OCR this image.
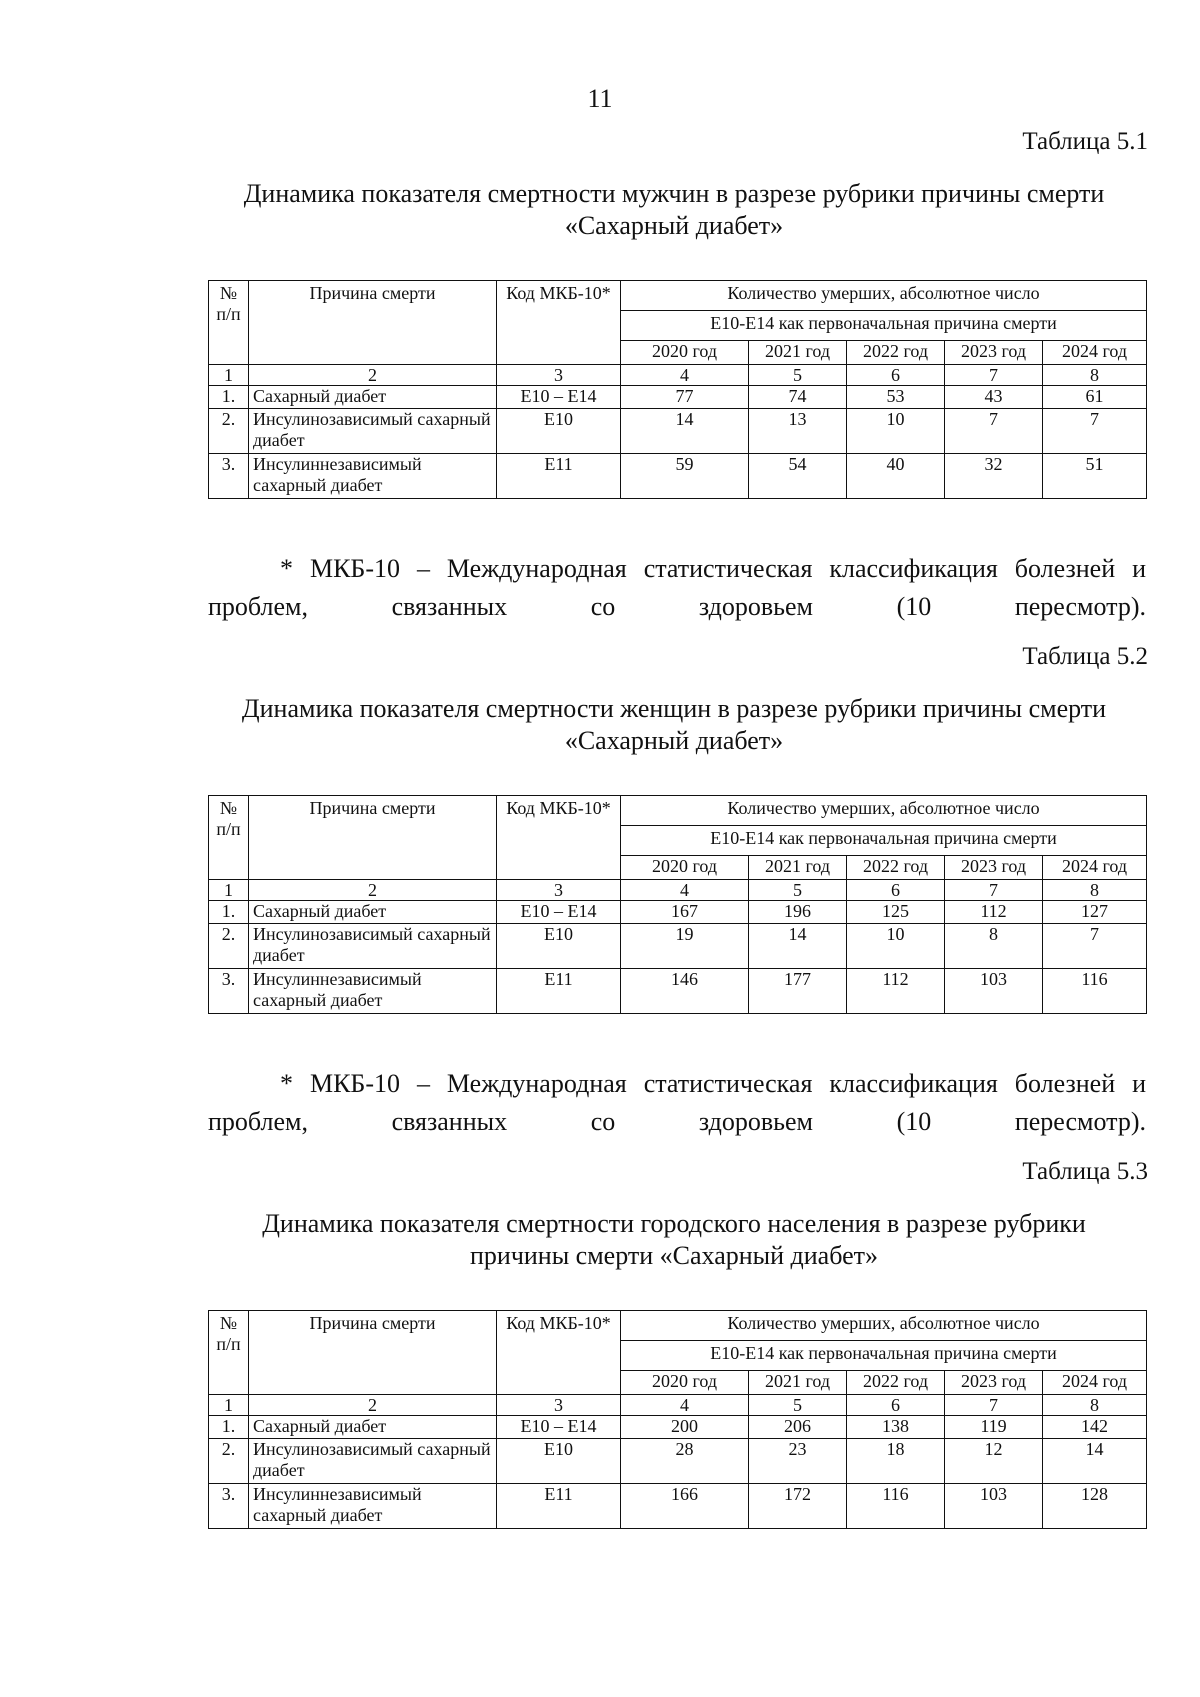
11
Таблица 5.1
Динамика показателя смертности мужчин в разрезе рубрики причины смерти «Сахарный диабет»
№ п/п	Причина смерти	Код МКБ-10*	Количество умерших, абсолютное число				
			Е10-Е14 как первоначальная причина смерти				
			2020 год	2021 год	2022 год	2023 год	2024 год
1	2	3	4	5	6	7	8
1.	Сахарный диабет	Е10 – Е14	77	74	53	43	61
2.	Инсулинозависимый сахарный диабет	Е10	14	13	10	7	7
3.	Инсулиннезависимый сахарный диабет	Е11	59	54	40	32	51
* МКБ-10 – Международная статистическая классификация болезней и проблем, связанных со здоровьем (10 пересмотр).
Таблица 5.2
Динамика показателя смертности женщин в разрезе рубрики причины смерти «Сахарный диабет»
№ п/п	Причина смерти	Код МКБ-10*	Количество умерших, абсолютное число				
			Е10-Е14 как первоначальная причина смерти				
			2020 год	2021 год	2022 год	2023 год	2024 год
1	2	3	4	5	6	7	8
1.	Сахарный диабет	Е10 – Е14	167	196	125	112	127
2.	Инсулинозависимый сахарный диабет	Е10	19	14	10	8	7
3.	Инсулиннезависимый сахарный диабет	Е11	146	177	112	103	116
* МКБ-10 – Международная статистическая классификация болезней и проблем, связанных со здоровьем (10 пересмотр).
Таблица 5.3
Динамика показателя смертности городского населения в разрезе рубрики причины смерти «Сахарный диабет»
№ п/п	Причина смерти	Код МКБ-10*	Количество умерших, абсолютное число				
			Е10-Е14 как первоначальная причина смерти				
			2020 год	2021 год	2022 год	2023 год	2024 год
1	2	3	4	5	6	7	8
1.	Сахарный диабет	Е10 – Е14	200	206	138	119	142
2.	Инсулинозависимый сахарный диабет	Е10	28	23	18	12	14
3.	Инсулиннезависимый сахарный диабет	Е11	166	172	116	103	128
